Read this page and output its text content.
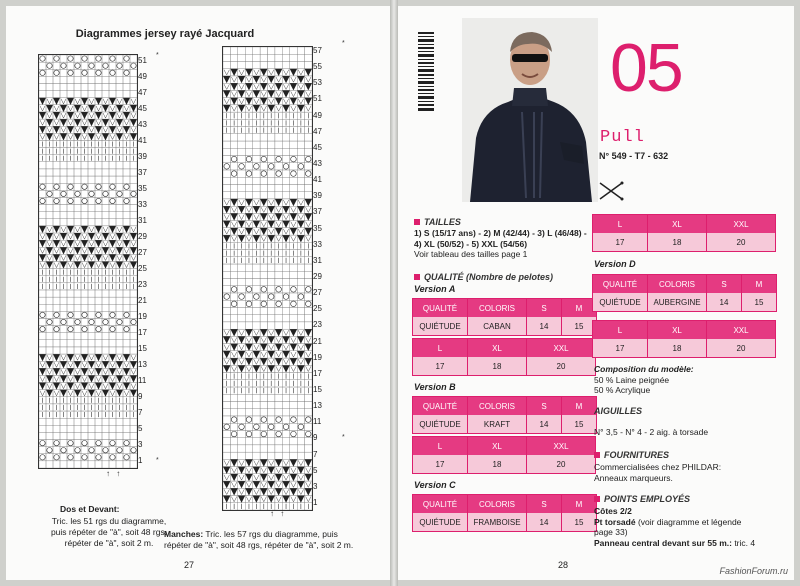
Diagrammes jersey rayé Jacquard
51
49
47
45
43
41
39
37
35
33
31
29
27
25
23
21
19
17
15
13
11
9
7
5
3
1
*
*
↑ ↑
57
55
53
51
49
47
45
43
41
39
37
35
33
31
29
27
25
23
21
19
17
15
13
11
9
7
5
3
1
*
*
↑ ↑
Dos et Devant:
Tric. les 51 rgs du diagramme,
puis répéter de "à", soit 48 rgs.
répéter de "à", soit 2 m.
Manches: Tric. les 57 rgs du diagramme, puis
répéter de "à", soit 48 rgs, répéter de "à", soit 2 m.
27
05
Pull
N° 549 - T7 - 632
TAILLES
1) S (15/17 ans) - 2) M (42/44) - 3) L (46/48) -
4) XL (50/52) - 5) XXL (54/56)
Voir tableau des tailles page 1
QUALITÉ (Nombre de pelotes)
Version A
QUALITÉ	COLORIS	S	M
QUIÉTUDE	CABAN	14	15
L	XL	XXL
17	18	20
Version B
QUALITÉ	COLORIS	S	M
QUIÉTUDE	KRAFT	14	15
L	XL	XXL
17	18	20
Version C
QUALITÉ	COLORIS	S	M
QUIÉTUDE	FRAMBOISE	14	15
L	XL	XXL
17	18	20
Version D
QUALITÉ	COLORIS	S	M
QUIÉTUDE	AUBERGINE	14	15
L	XL	XXL
17	18	20
Composition du modèle:
50 % Laine peignée
50 % Acrylique
AIGUILLES
N° 3,5 - N° 4 - 2 aig. à torsade
FOURNITURES
Commercialisées chez PHILDAR:
Anneaux marqueurs.
POINTS EMPLOYÉS
Côtes 2/2
Pt torsadé (voir diagramme et légende
page 33)
Panneau central devant sur 55 m.: tric. 4
28
FashionForum.ru
